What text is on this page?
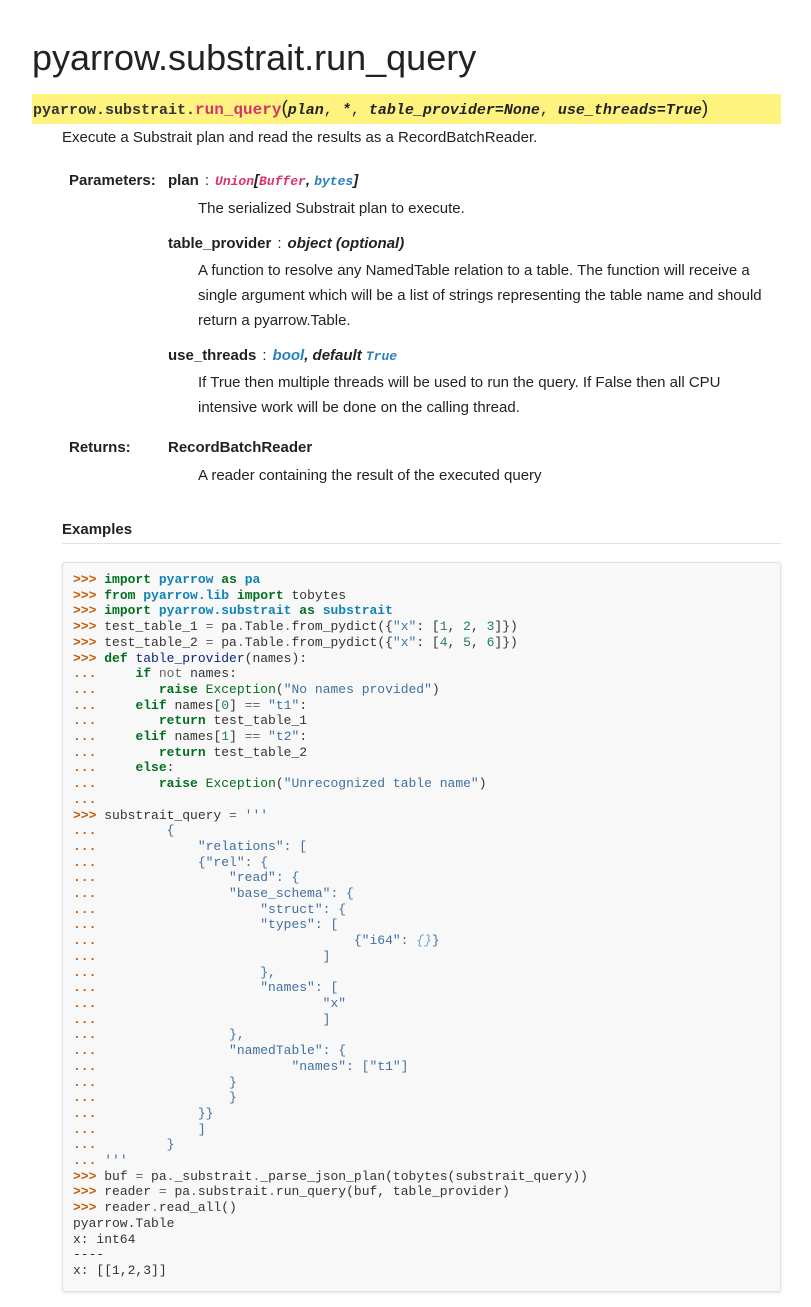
pyarrow.substrait.run_query
pyarrow.substrait.run_query(plan, *, table_provider=None, use_threads=True)

Execute a Substrait plan and read the results as a RecordBatchReader.

Parameters: plan : Union[Buffer, bytes]

The serialized Substrait plan to execute.

table_provider : object (optional)

A function to resolve any NamedTable relation to a table. The function will receive a single argument which will be a list of strings representing the table name and should return a pyarrow.Table.

use_threads : bool, default True

If True then multiple threads will be used to run the query. If False then all CPU intensive work will be done on the calling thread.

Returns: RecordBatchReader

A reader containing the result of the executed query

Examples
>>> import pyarrow as pa
>>> from pyarrow.lib import tobytes
>>> import pyarrow.substrait as substrait
>>> test_table_1 = pa.Table.from_pydict({"x": [1, 2, 3]})
>>> test_table_2 = pa.Table.from_pydict({"x": [4, 5, 6]})
>>> def table_provider(names):
...     if not names:
...	raise Exception("No names provided")
...     elif names[0] == "t1":
...	return test_table_1
...     elif names[1] == "t2":
...	return test_table_2
...     else:
...	raise Exception("Unrecognized table name")
...
>>> substrait_query = '''
...         {
...             "relations": [
...             {"rel": {
...                 "read": {
...                 "base_schema": {
...                     "struct": {
...                     "types": [
...                                 {"i64": {}}
...                             ]
...                     },
...                     "names": [
...                             "x"
...                             ]
...                 },
...                 "namedTable": {
...                         "names": ["t1"]
...                 }
...                 }
...             }}
...             ]
...         }
... '''
>>> buf = pa._substrait._parse_json_plan(tobytes(substrait_query))
>>> reader = pa.substrait.run_query(buf, table_provider)
>>> reader.read_all()
pyarrow.Table
x: int64
----
x: [[1,2,3]]
